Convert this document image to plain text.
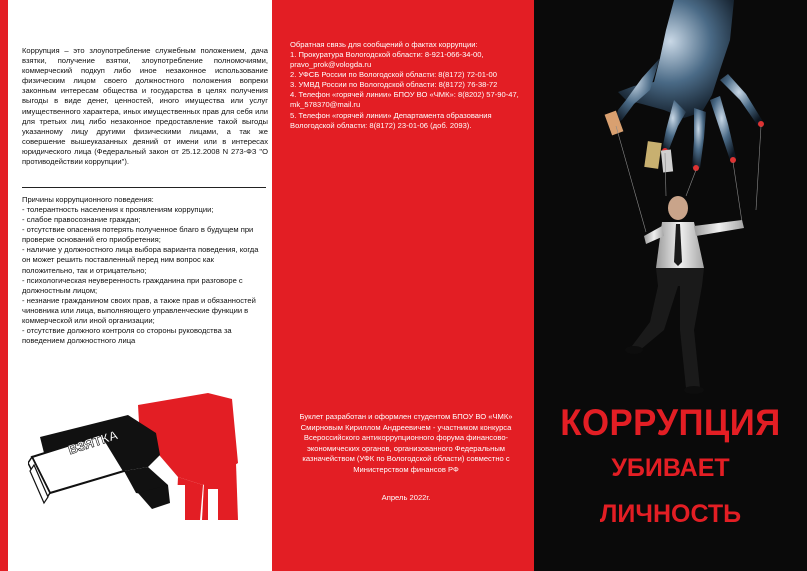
Коррупция – это злоупотребление служебным положением, дача взятки, получение взятки, злоупотребление полномочиями, коммерческий подкуп либо иное незаконное использование физическим лицом своего должностного положения вопреки законным интересам общества и государства в целях получения выгоды в виде денег, ценностей, иного имущества или услуг имущественного характера, иных имущественных прав для себя или для третьих лиц либо незаконное предоставление такой выгоды указанному лицу другими физическими лицами, а так же совершение вышеуказанных деяний от имени или в интересах юридического лица (Федеральный закон от 25.12.2008 N 273-ФЗ "О противодействии коррупции").

Причины коррупционного поведения:

- толерантность населения к проявлениям коррупции;
- слабое правосознание граждан;
- отсутствие опасения потерять полученное благо в будущем при проверке оснований его приобретения;
- наличие у должностного лица выбора варианта поведения, когда он может решить поставленный перед ним вопрос как положительно, так и отрицательно;
- психологическая неуверенность гражданина при разговоре с должностным лицом;
- незнание гражданином своих прав, а также прав и обязанностей чиновника или лица, выполняющего управленческие функции в коммерческой или иной организации;
- отсутствие должного контроля со стороны руководства за поведением должностного лица
ВЗЯТКА

Обратная связь для сообщений о фактах коррупции:

1. Прокуратура Вологодской области: 8-921-066-34-00, pravo_prok@vologda.ru
2. УФСБ России по Вологодской области: 8(8172) 72-01-00
3. УМВД России по Вологодской области: 8(8172) 76-38-72
4. Телефон «горячей линии» БПОУ ВО «ЧМК»: 8(8202) 57-90-47, mk_578370@mail.ru
5. Телефон «горячей линии» Департамента образования Вологодской области: 8(8172) 23-01-06 (доб. 2093).

Буклет разработан и оформлен студентом БПОУ ВО «ЧМК» Смирновым Кириллом Андреевичем - участником конкурса Всероссийского антикоррупционного форума финансово-экономических органов, организованного Федеральным казначейством (УФК по Вологодской области) совместно с Министерством финансов РФ

Апрель 2022г.

КОРРУПЦИЯ

УБИВАЕТ

ЛИЧНОСТЬ
